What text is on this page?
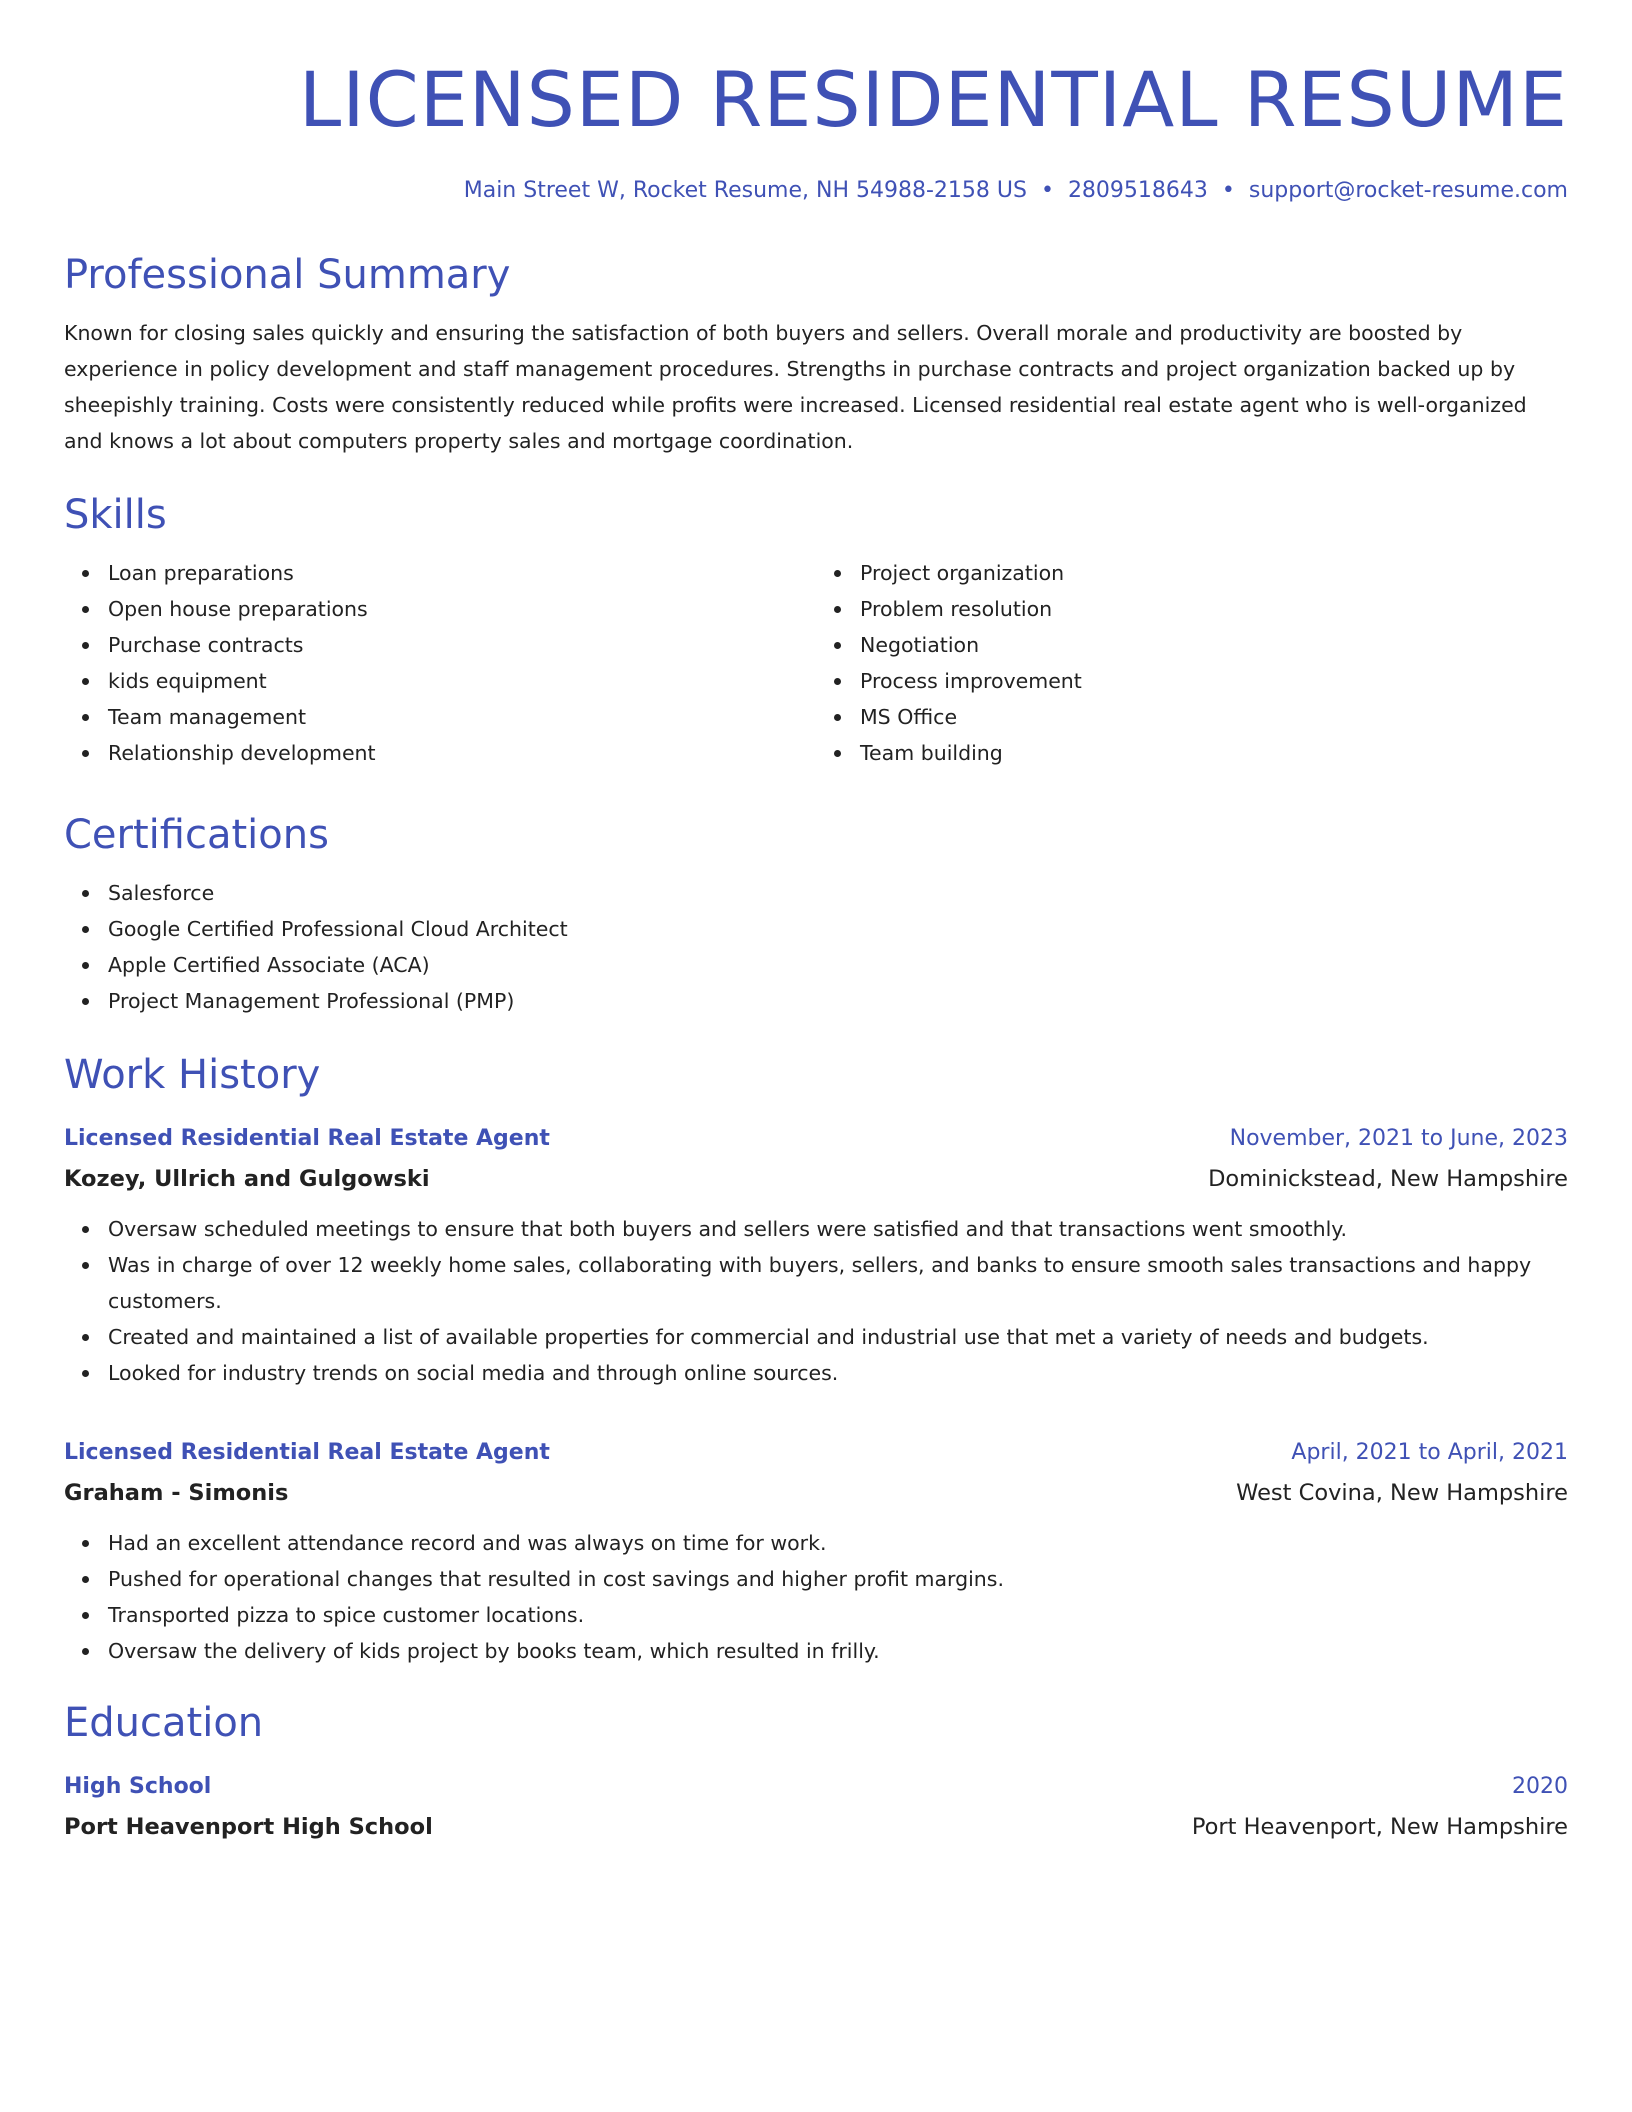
LICENSED RESIDENTIAL RESUME
Main Street W, Rocket Resume, NH 54988-2158 US • 2809518643 • support@rocket-resume.com
Professional Summary

Known for closing sales quickly and ensuring the satisfaction of both buyers and sellers. Overall morale and productivity are boosted by experience in policy development and staff management procedures. Strengths in purchase contracts and project organization backed up by sheepishly training. Costs were consistently reduced while profits were increased. Licensed residential real estate agent who is well-organized and knows a lot about computers property sales and mortgage coordination.

Skills
Loan preparations
Open house preparations
Purchase contracts
kids equipment
Team management
Relationship development
Project organization
Problem resolution
Negotiation
Process improvement
MS Office
Team building
Certifications
Salesforce
Google Certified Professional Cloud Architect
Apple Certified Associate (ACA)
Project Management Professional (PMP)
Work History
Licensed Residential Real Estate Agent	November, 2021 to June, 2023
Kozey, Ullrich and Gulgowski	Dominickstead, New Hampshire
Oversaw scheduled meetings to ensure that both buyers and sellers were satisfied and that transactions went smoothly.
Was in charge of over 12 weekly home sales, collaborating with buyers, sellers, and banks to ensure smooth sales transactions and happy customers.
Created and maintained a list of available properties for commercial and industrial use that met a variety of needs and budgets.
Looked for industry trends on social media and through online sources.
Licensed Residential Real Estate Agent	April, 2021 to April, 2021
Graham - Simonis	West Covina, New Hampshire
Had an excellent attendance record and was always on time for work.
Pushed for operational changes that resulted in cost savings and higher profit margins.
Transported pizza to spice customer locations.
Oversaw the delivery of kids project by books team, which resulted in frilly.
Education
High School	2020
Port Heavenport High School	Port Heavenport, New Hampshire
